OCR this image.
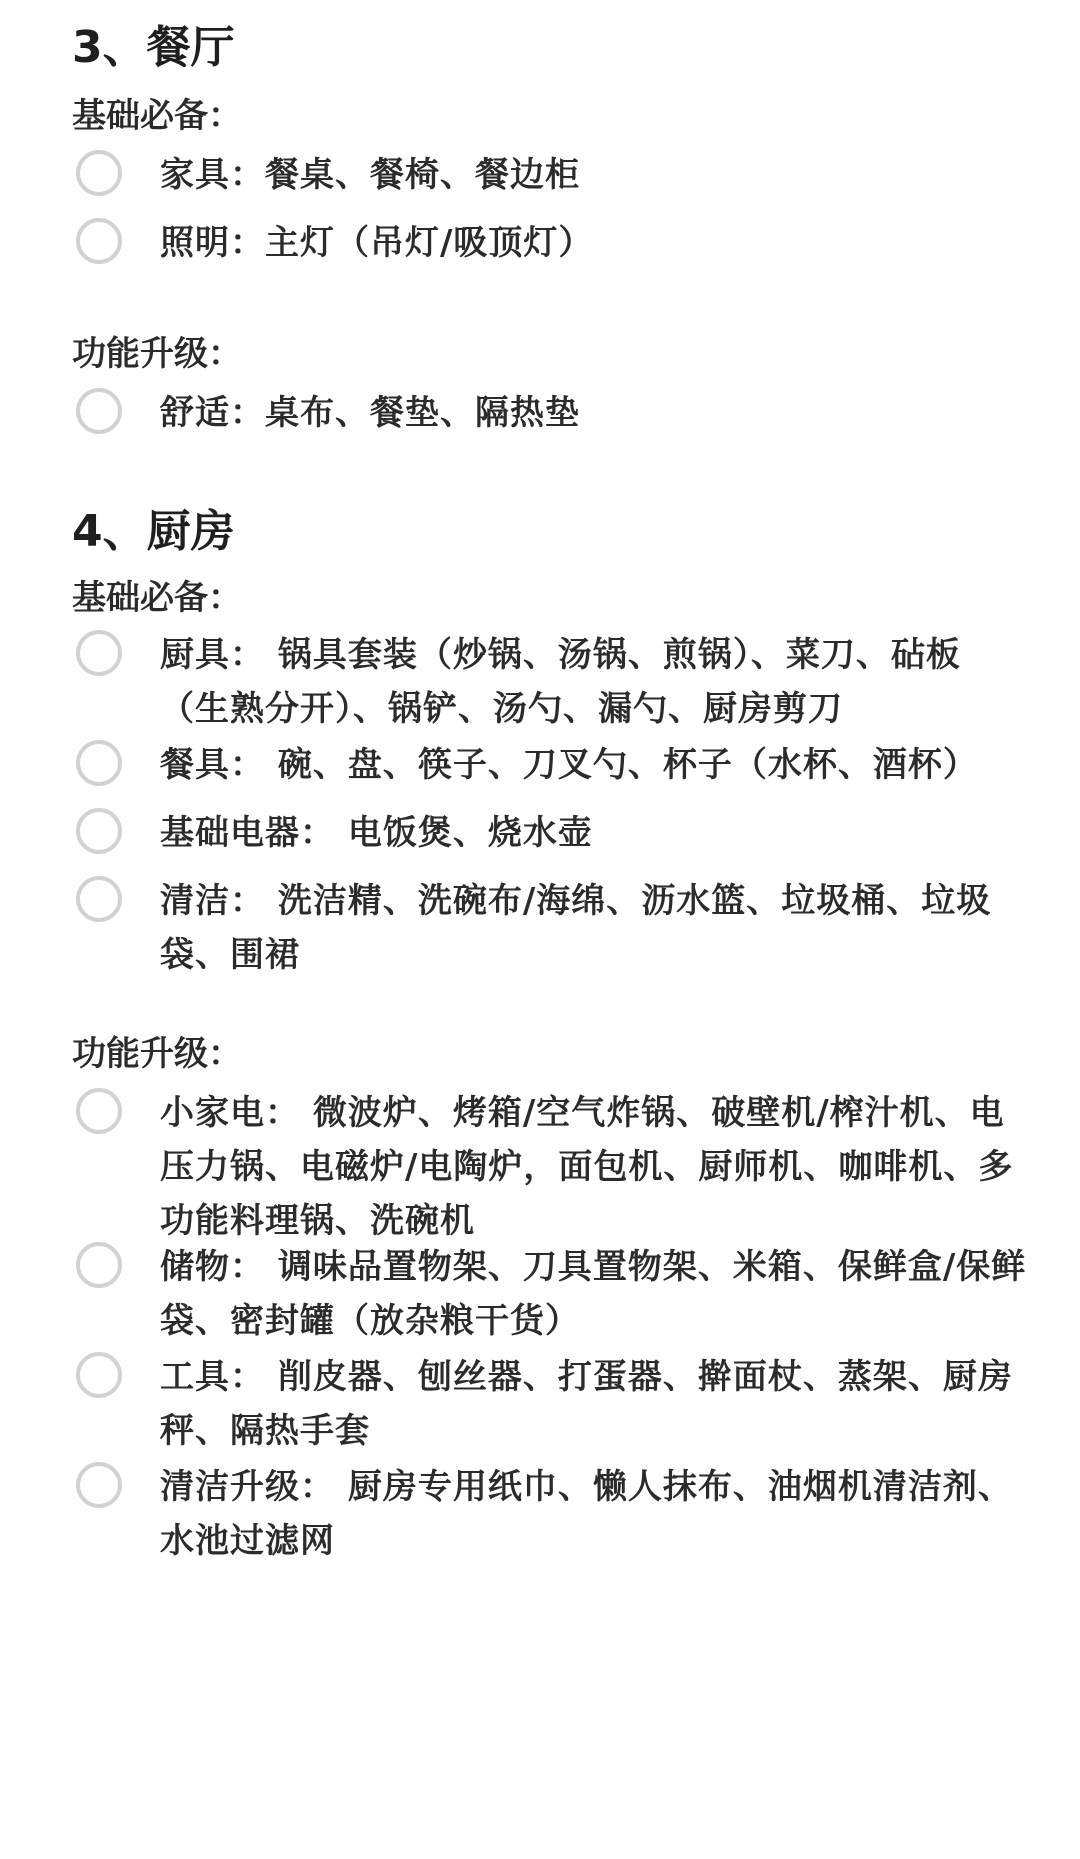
3、餐厅
基础必备：
家具：餐桌、餐椅、餐边柜
照明：主灯（吊灯/吸顶灯）
功能升级：
舒适：桌布、餐垫、隔热垫
4、厨房
基础必备：
厨具： 锅具套装（炒锅、汤锅、煎锅）、菜刀、砧板（生熟分开）、锅铲、汤勺、漏勺、厨房剪刀
餐具： 碗、盘、筷子、刀叉勺、杯子（水杯、酒杯）
基础电器： 电饭煲、烧水壶
清洁： 洗洁精、洗碗布/海绵、沥水篮、垃圾桶、垃圾袋、围裙
功能升级：
小家电： 微波炉、烤箱/空气炸锅、破壁机/榨汁机、电压力锅、电磁炉/电陶炉，面包机、厨师机、咖啡机、多功能料理锅、洗碗机
储物： 调味品置物架、刀具置物架、米箱、保鲜盒/保鲜袋、密封罐（放杂粮干货）
工具： 削皮器、刨丝器、打蛋器、擀面杖、蒸架、厨房秤、隔热手套
清洁升级： 厨房专用纸巾、懒人抹布、油烟机清洁剂、水池过滤网
